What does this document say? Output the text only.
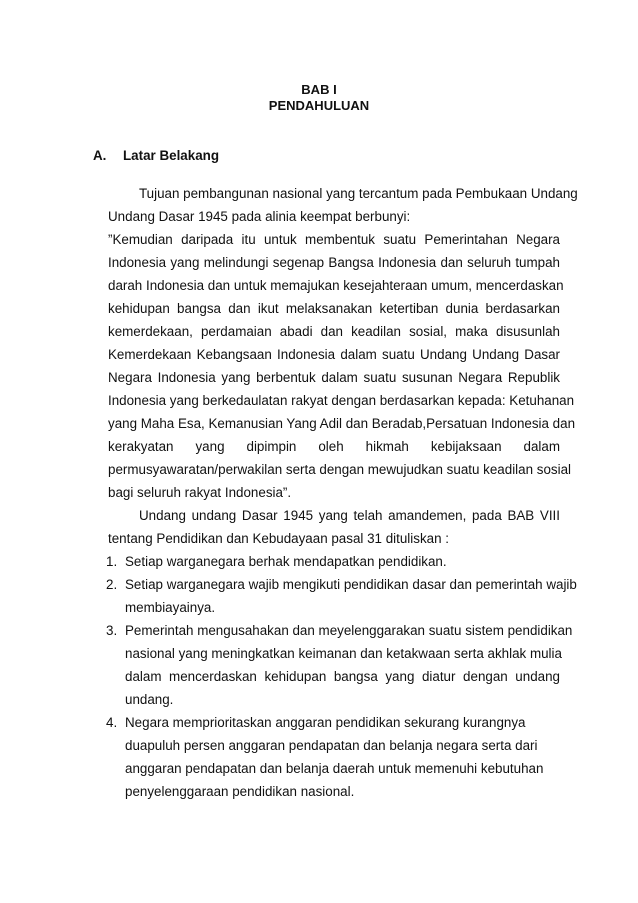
BAB I
PENDAHULUAN
A. Latar Belakang
Tujuan pembangunan nasional yang tercantum pada Pembukaan Undang
Undang Dasar 1945 pada alinia keempat berbunyi:
”Kemudian daripada itu untuk membentuk suatu Pemerintahan Negara
Indonesia yang melindungi segenap Bangsa Indonesia dan seluruh tumpah
darah Indonesia dan untuk memajukan kesejahteraan umum, mencerdaskan
kehidupan bangsa dan ikut melaksanakan ketertiban dunia berdasarkan
kemerdekaan, perdamaian abadi dan keadilan sosial, maka disusunlah
Kemerdekaan Kebangsaan Indonesia dalam suatu Undang Undang Dasar
Negara Indonesia yang berbentuk dalam suatu susunan Negara Republik
Indonesia yang berkedaulatan rakyat dengan berdasarkan kepada: Ketuhanan
yang Maha Esa, Kemanusian Yang Adil dan Beradab,Persatuan Indonesia dan
kerakyatan yang dipimpin oleh hikmah kebijaksaan dalam
permusyawaratan/perwakilan serta dengan mewujudkan suatu keadilan sosial
bagi seluruh rakyat Indonesia”.
Undang undang Dasar 1945 yang telah amandemen, pada BAB VIII
tentang Pendidikan dan Kebudayaan pasal 31 dituliskan :
1. Setiap warganegara berhak mendapatkan pendidikan.
2. Setiap warganegara wajib mengikuti pendidikan dasar dan pemerintah wajib
membiayainya.
3. Pemerintah mengusahakan dan meyelenggarakan suatu sistem pendidikan
nasional yang meningkatkan keimanan dan ketakwaan serta akhlak mulia
dalam mencerdaskan kehidupan bangsa yang diatur dengan undang
undang.
4. Negara memprioritaskan anggaran pendidikan sekurang kurangnya
duapuluh persen anggaran pendapatan dan belanja negara serta dari
anggaran pendapatan dan belanja daerah untuk memenuhi kebutuhan
penyelenggaraan pendidikan nasional.
